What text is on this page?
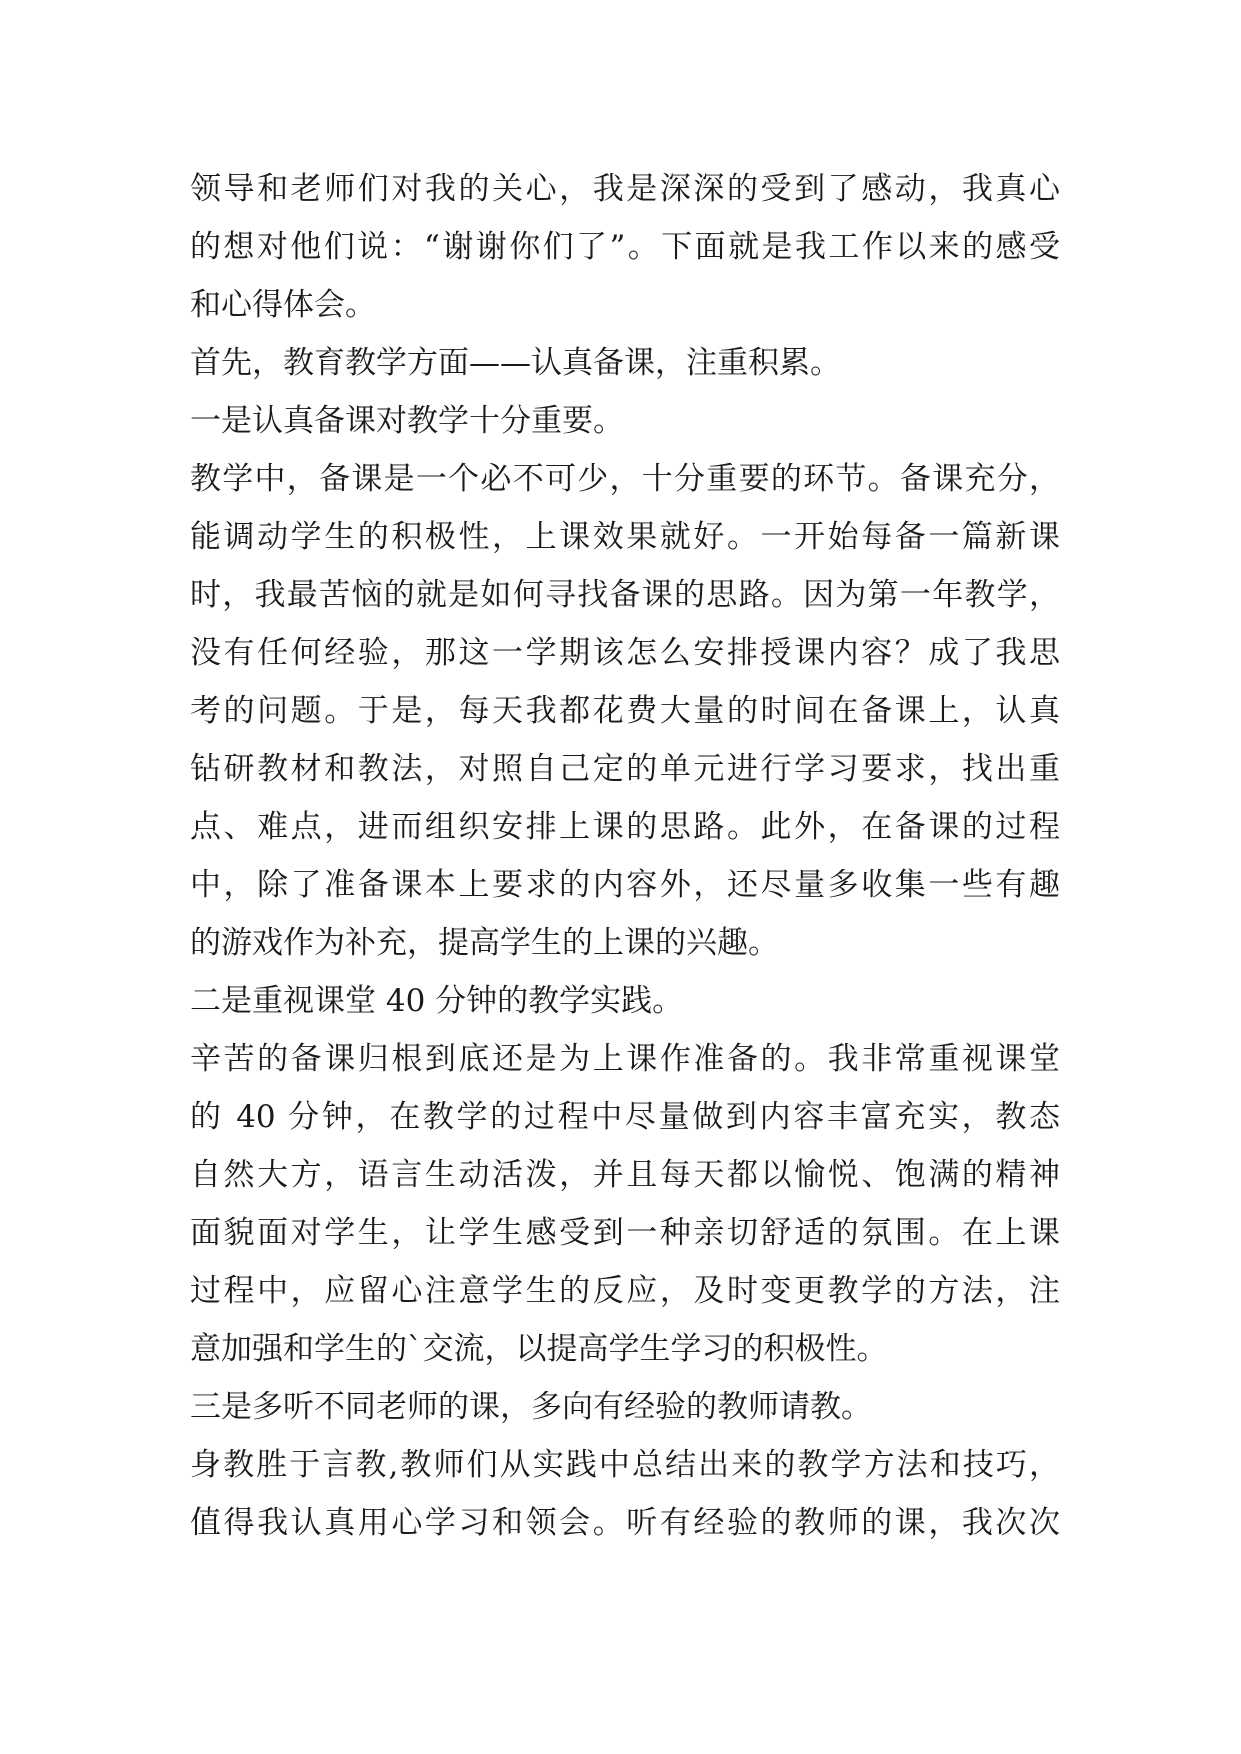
领导和老师们对我的关心，我是深深的受到了感动，我真心
的想对他们说：“谢谢你们了”。下面就是我工作以来的感受
和心得体会。
首先，教育教学方面——认真备课，注重积累。
一是认真备课对教学十分重要。
教学中，备课是一个必不可少，十分重要的环节。备课充分，
能调动学生的积极性，上课效果就好。一开始每备一篇新课
时，我最苦恼的就是如何寻找备课的思路。因为第一年教学，
没有任何经验，那这一学期该怎么安排授课内容？成了我思
考的问题。于是，每天我都花费大量的时间在备课上，认真
钻研教材和教法，对照自己定的单元进行学习要求，找出重
点、难点，进而组织安排上课的思路。此外，在备课的过程
中，除了准备课本上要求的内容外，还尽量多收集一些有趣
的游戏作为补充，提高学生的上课的兴趣。
二是重视课堂 40 分钟的教学实践。
辛苦的备课归根到底还是为上课作准备的。我非常重视课堂
的 40 分钟，在教学的过程中尽量做到内容丰富充实，教态
自然大方，语言生动活泼，并且每天都以愉悦、饱满的精神
面貌面对学生，让学生感受到一种亲切舒适的氛围。在上课
过程中，应留心注意学生的反应，及时变更教学的方法，注
意加强和学生的`交流，以提高学生学习的积极性。
三是多听不同老师的课，多向有经验的教师请教。
身教胜于言教,教师们从实践中总结出来的教学方法和技巧，
值得我认真用心学习和领会。听有经验的教师的课，我次次
